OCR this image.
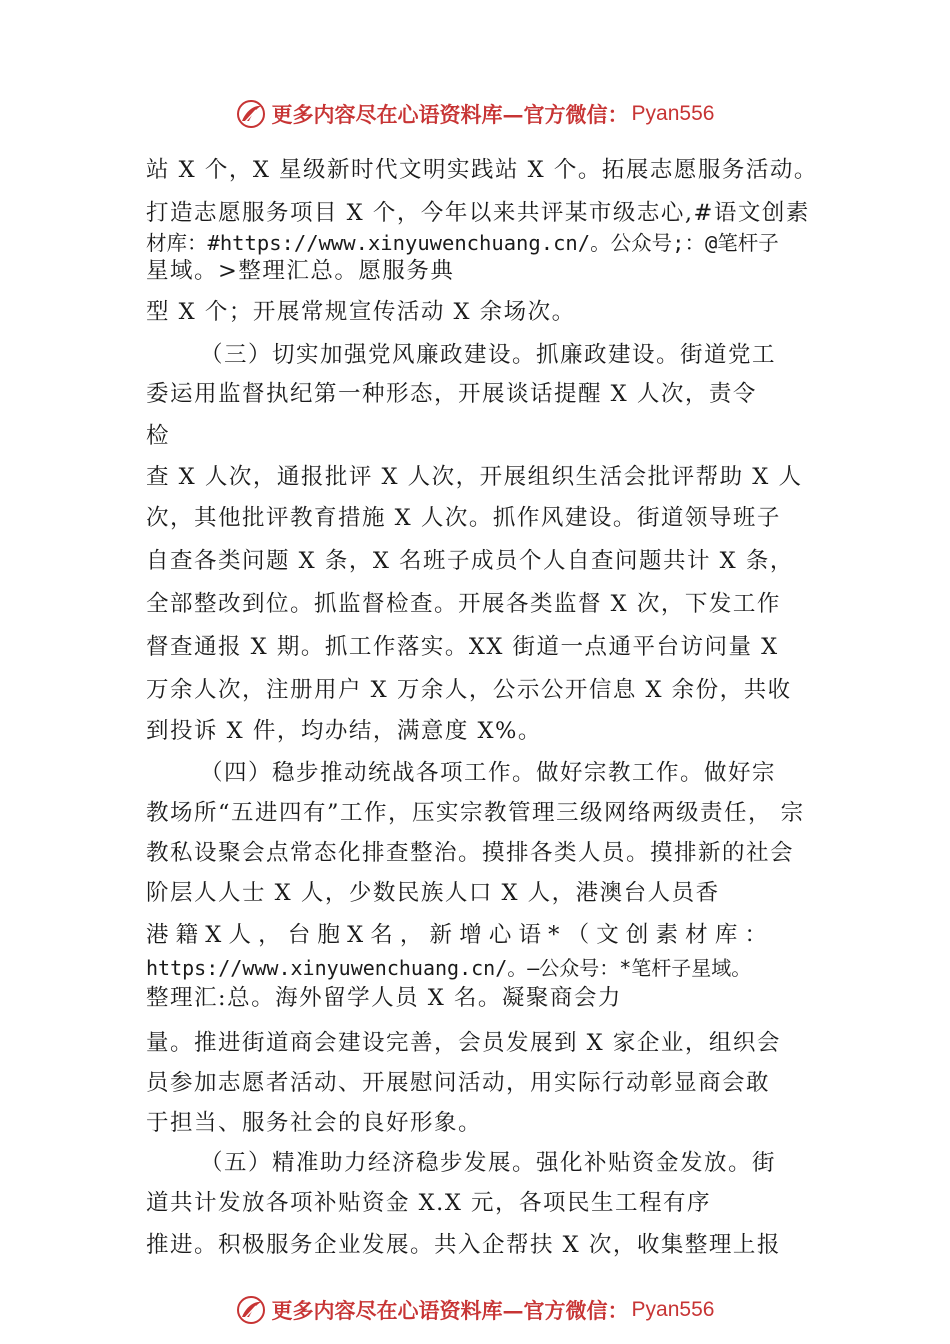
更多内容尽在心语资料库—官方微信： Pyan556
站 X 个，X 星级新时代文明实践站 X 个。拓展志愿服务活动。
打造志愿服务项目 X 个，今年以来共评某市级志心,#语文创素
材库：#https://www.xinyuwenchuang.cn/。公众号;：@笔杆子
星域。>整理汇总。愿服务典
型 X 个；开展常规宣传活动 X 余场次。
（三）切实加强党风廉政建设。抓廉政建设。街道党工
委运用监督执纪第一种形态，开展谈话提醒 X 人次，责令
检
查 X 人次，通报批评 X 人次，开展组织生活会批评帮助 X 人
次，其他批评教育措施 X 人次。抓作风建设。街道领导班子
自查各类问题 X 条，X 名班子成员个人自查问题共计 X 条，
全部整改到位。抓监督检查。开展各类监督 X 次，下发工作
督查通报 X 期。抓工作落实。XX 街道一点通平台访问量 X
万余人次，注册用户 X 万余人，公示公开信息 X 余份，共收
到投诉 X 件，均办结，满意度 X%。
（四）稳步推动统战各项工作。做好宗教工作。做好宗
教场所“五进四有”工作，压实宗教管理三级网络两级责任， 宗
教私设聚会点常态化排查整治。摸排各类人员。摸排新的社会
阶层人人士 X 人，少数民族人口 X 人，港澳台人员香
港 籍 X 人 ， 台 胞 X 名 ， 新 增 心 语 * （ 文 创 素 材 库 ：
https://www.xinyuwenchuang.cn/。—公众号：*笔杆子星域。
整理汇:总。海外留学人员 X 名。凝聚商会力
量。推进街道商会建设完善，会员发展到 X 家企业，组织会
员参加志愿者活动、开展慰问活动，用实际行动彰显商会敢
于担当、服务社会的良好形象。
（五）精准助力经济稳步发展。强化补贴资金发放。街
道共计发放各项补贴资金 X.X 元，各项民生工程有序
推进。积极服务企业发展。共入企帮扶 X 次，收集整理上报
更多内容尽在心语资料库—官方微信： Pyan556
